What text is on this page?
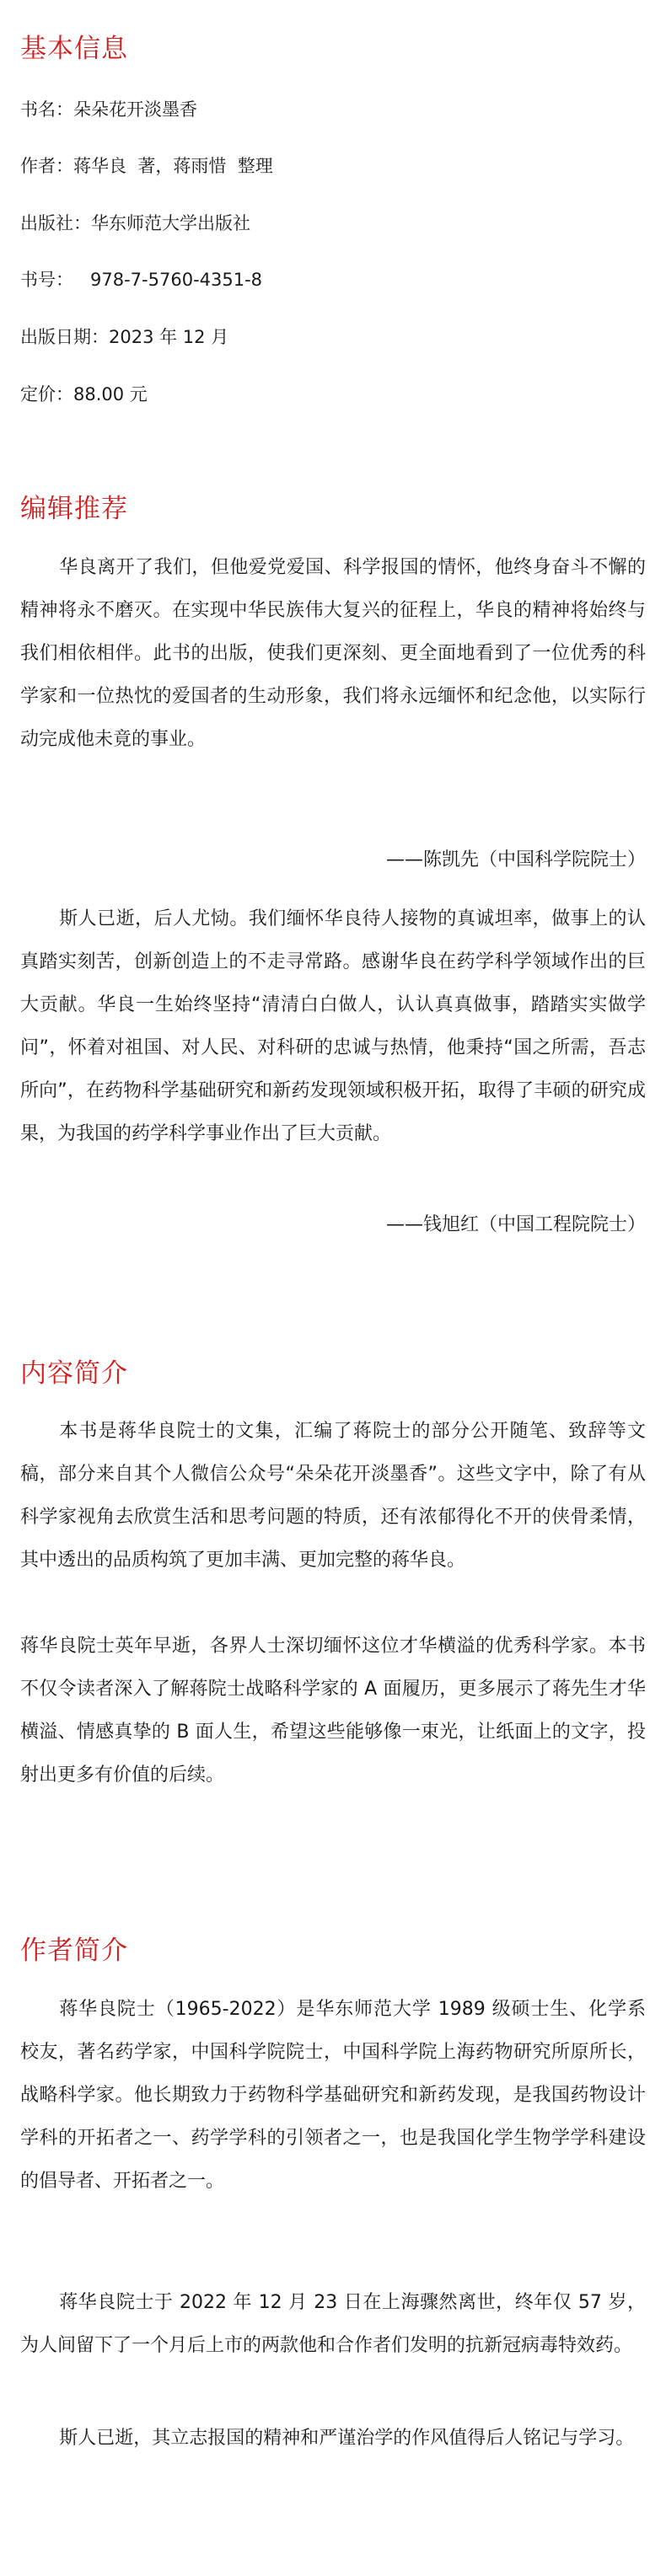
基本信息

书名：朵朵花开淡墨香

作者：蒋华良  著，蒋雨惜  整理

出版社：华东师范大学出版社

书号：   978-7-5760-4351-8

出版日期：2023 年 12 月

定价：88.00 元

编辑推荐

华良离开了我们，但他爱党爱国、科学报国的情怀，他终身奋斗不懈的精神将永不磨灭。在实现中华民族伟大复兴的征程上，华良的精神将始终与我们相依相伴。此书的出版，使我们更深刻、更全面地看到了一位优秀的科学家和一位热忱的爱国者的生动形象，我们将永远缅怀和纪念他，以实际行动完成他未竟的事业。

——陈凯先（中国科学院院士）

斯人已逝，后人尤恸。我们缅怀华良待人接物的真诚坦率，做事上的认真踏实刻苦，创新创造上的不走寻常路。感谢华良在药学科学领域作出的巨大贡献。华良一生始终坚持“清清白白做人，认认真真做事，踏踏实实做学问”，怀着对祖国、对人民、对科研的忠诚与热情，他秉持“国之所需，吾志所向”，在药物科学基础研究和新药发现领域积极开拓，取得了丰硕的研究成果，为我国的药学科学事业作出了巨大贡献。

——钱旭红（中国工程院院士）

内容简介

本书是蒋华良院士的文集，汇编了蒋院士的部分公开随笔、致辞等文稿，部分来自其个人微信公众号“朵朵花开淡墨香”。这些文字中，除了有从科学家视角去欣赏生活和思考问题的特质，还有浓郁得化不开的侠骨柔情，其中透出的品质构筑了更加丰满、更加完整的蒋华良。

蒋华良院士英年早逝，各界人士深切缅怀这位才华横溢的优秀科学家。本书不仅令读者深入了解蒋院士战略科学家的 A 面履历，更多展示了蒋先生才华横溢、情感真挚的 B 面人生，希望这些能够像一束光，让纸面上的文字，投射出更多有价值的后续。

作者简介

蒋华良院士（1965-2022）是华东师范大学 1989 级硕士生、化学系校友，著名药学家，中国科学院院士，中国科学院上海药物研究所原所长，战略科学家。他长期致力于药物科学基础研究和新药发现，是我国药物设计学科的开拓者之一、药学学科的引领者之一，也是我国化学生物学学科建设的倡导者、开拓者之一。

蒋华良院士于 2022 年 12 月 23 日在上海骤然离世，终年仅 57 岁，为人间留下了一个月后上市的两款他和合作者们发明的抗新冠病毒特效药。

斯人已逝，其立志报国的精神和严谨治学的作风值得后人铭记与学习。
